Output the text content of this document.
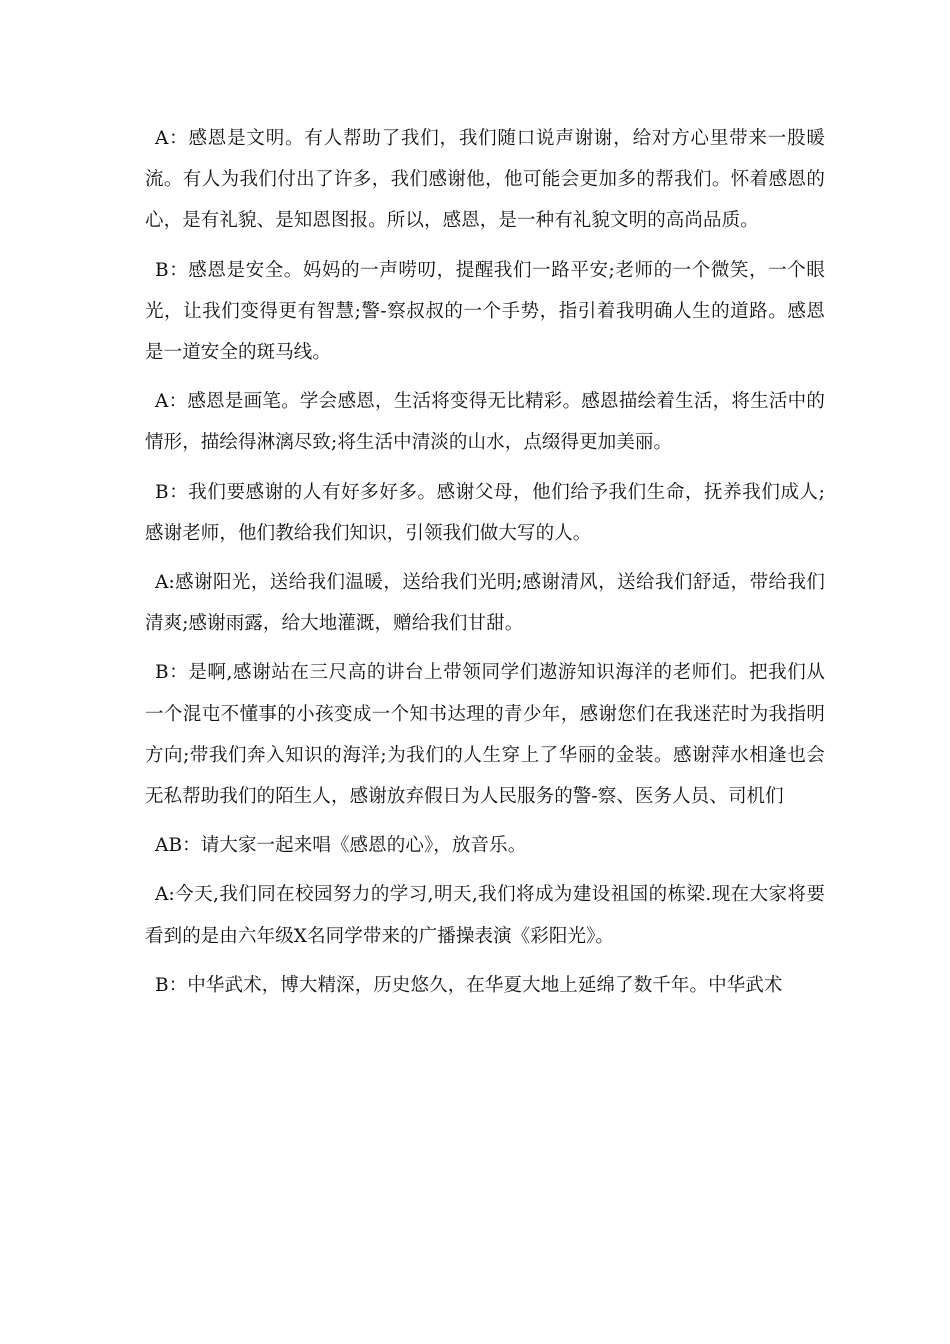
A：感恩是文明。有人帮助了我们，我们随口说声谢谢，给对方心里带来一股暖流。有人为我们付出了许多，我们感谢他，他可能会更加多的帮我们。怀着感恩的心，是有礼貌、是知恩图报。所以，感恩，是一种有礼貌文明的高尚品质。

B：感恩是安全。妈妈的一声唠叨，提醒我们一路平安;老师的一个微笑，一个眼光，让我们变得更有智慧;警-察叔叔的一个手势，指引着我明确人生的道路。感恩是一道安全的斑马线。

A：感恩是画笔。学会感恩，生活将变得无比精彩。感恩描绘着生活，将生活中的情形，描绘得淋漓尽致;将生活中清淡的山水，点缀得更加美丽。

B：我们要感谢的人有好多好多。感谢父母，他们给予我们生命，抚养我们成人;感谢老师，他们教给我们知识，引领我们做大写的人。

A:感谢阳光，送给我们温暖，送给我们光明;感谢清风，送给我们舒适，带给我们清爽;感谢雨露，给大地灌溉，赠给我们甘甜。

B：是啊,感谢站在三尺高的讲台上带领同学们遨游知识海洋的老师们。把我们从一个混屯不懂事的小孩变成一个知书达理的青少年，感谢您们在我迷茫时为我指明方向;带我们奔入知识的海洋;为我们的人生穿上了华丽的金装。感谢萍水相逢也会无私帮助我们的陌生人，感谢放弃假日为人民服务的警-察、医务人员、司机们

AB：请大家一起来唱《感恩的心》，放音乐。

A:今天,我们同在校园努力的学习,明天,我们将成为建设祖国的栋梁.现在大家将要看到的是由六年级X名同学带来的广播操表演《彩阳光》。

B：中华武术，博大精深，历史悠久，在华夏大地上延绵了数千年。中华武术
